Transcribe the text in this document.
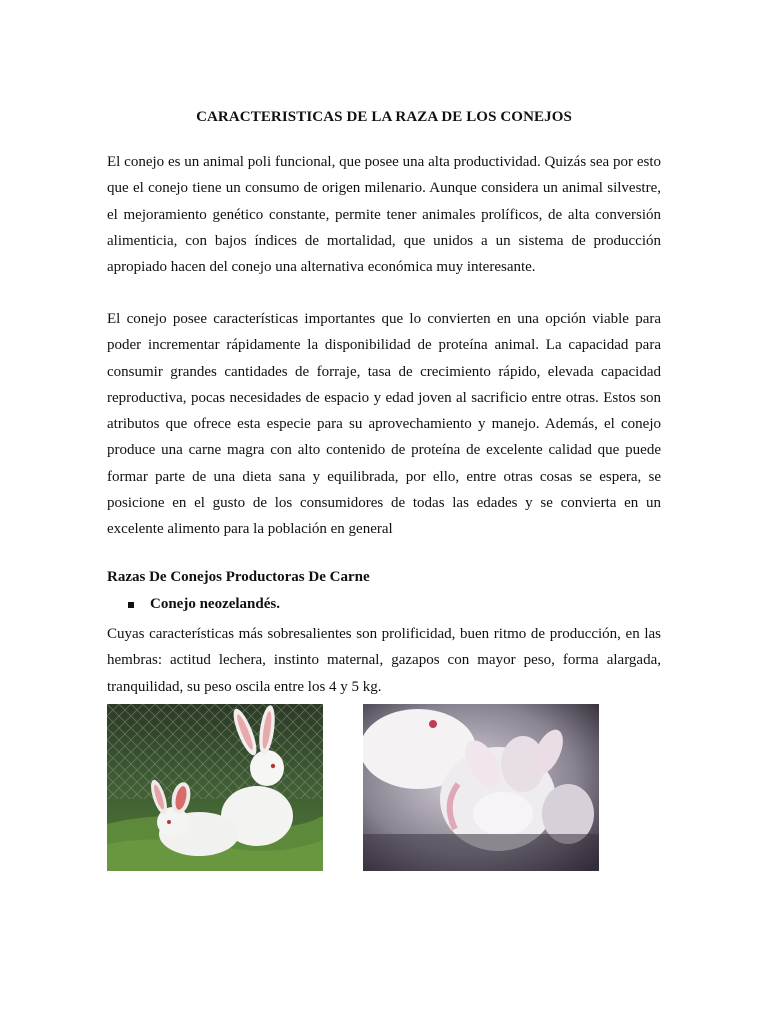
CARACTERISTICAS DE LA RAZA DE LOS CONEJOS

El conejo es un animal poli funcional, que posee una alta productividad. Quizás sea por esto que el conejo tiene un consumo de origen milenario. Aunque considera un animal silvestre, el mejoramiento genético constante, permite tener animales prolíficos, de alta conversión alimenticia, con bajos índices de mortalidad, que unidos a un sistema de producción apropiado hacen del conejo una alternativa económica muy interesante.

El conejo posee características importantes que lo convierten en una opción viable para poder incrementar rápidamente la disponibilidad de proteína animal. La capacidad para consumir grandes cantidades de forraje, tasa de crecimiento rápido, elevada capacidad reproductiva, pocas necesidades de espacio y edad joven al sacrificio entre otras. Estos son atributos que ofrece esta especie para su aprovechamiento y manejo. Además, el conejo produce una carne magra con alto contenido de proteína de excelente calidad que puede formar parte de una dieta sana y equilibrada, por ello, entre otras cosas se espera, se posicione en el gusto de los consumidores de todas las edades y se convierta en un excelente alimento para la población en general

Razas De Conejos Productoras De Carne
Conejo neozelandés.

Cuyas características más sobresalientes son prolificidad, buen ritmo de producción, en las hembras: actitud lechera, instinto maternal, gazapos con mayor peso, forma alargada, tranquilidad, su peso oscila entre los 4 y 5 kg.
